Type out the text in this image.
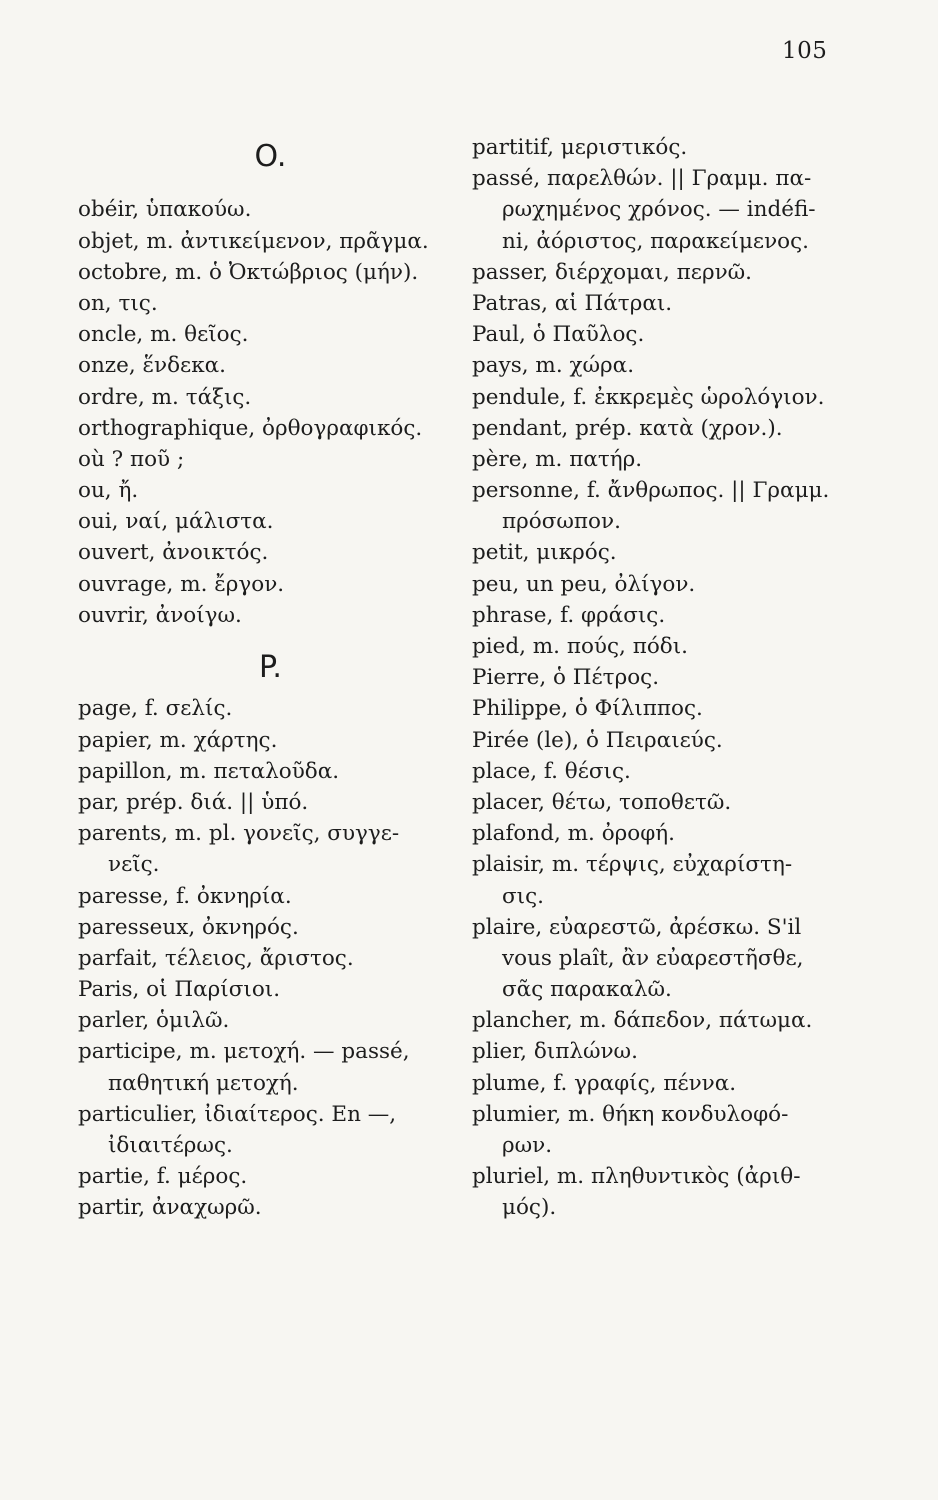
105
O.
obéir, ὑπακούω.
objet, m. ἀντικείμενον, πρᾶγμα.
octobre, m. ὁ Ὀκτώβριος (μήν).
on, τις.
oncle, m. θεῖος.
onze, ἕνδεκα.
ordre, m. τάξις.
orthographique, ὀρθογραφικός.
où ? ποῦ ;
ou, ἤ.
oui, ναί, μάλιστα.
ouvert, ἀνοικτός.
ouvrage, m. ἔργον.
ouvrir, ἀνοίγω.
P.
page, f. σελίς.
papier, m. χάρτης.
papillon, m. πεταλοῦδα.
par, prép. διά. || ὑπό.
parents, m. pl. γονεῖς, συγγε-
νεῖς.
paresse, f. ὀκνηρία.
paresseux, ὀκνηρός.
parfait, τέλειος, ἄριστος.
Paris, οἱ Παρίσιοι.
parler, ὁμιλῶ.
participe, m. μετοχή. — passé,
παθητική μετοχή.
particulier, ἰδιαίτερος. En —,
ἰδιαιτέρως.
partie, f. μέρος.
partir, ἀναχωρῶ.
partitif, μεριστικός.
passé, παρελθών. || Γραμμ. πα-
ρωχημένος χρόνος. — indéfi-
ni, ἀόριστος, παρακείμενος.
passer, διέρχομαι, περνῶ.
Patras, αἱ Πάτραι.
Paul, ὁ Παῦλος.
pays, m. χώρα.
pendule, f. ἐκκρεμὲς ὡρολόγιον.
pendant, prép. κατὰ (χρον.).
père, m. πατήρ.
personne, f. ἄνθρωπος. || Γραμμ.
πρόσωπον.
petit, μικρός.
peu, un peu, ὀλίγον.
phrase, f. φράσις.
pied, m. πούς, πόδι.
Pierre, ὁ Πέτρος.
Philippe, ὁ Φίλιππος.
Pirée (le), ὁ Πειραιεύς.
place, f. θέσις.
placer, θέτω, τοποθετῶ.
plafond, m. ὀροφή.
plaisir, m. τέρψις, εὐχαρίστη-
σις.
plaire, εὐαρεστῶ, ἀρέσκω. S'il
vous plaît, ἂν εὐαρεστῆσθε,
σᾶς παρακαλῶ.
plancher, m. δάπεδον, πάτωμα.
plier, διπλώνω.
plume, f. γραφίς, πέννα.
plumier, m. θήκη κονδυλοφό-
ρων.
pluriel, m. πληθυντικὸς (ἀριθ-
μός).
